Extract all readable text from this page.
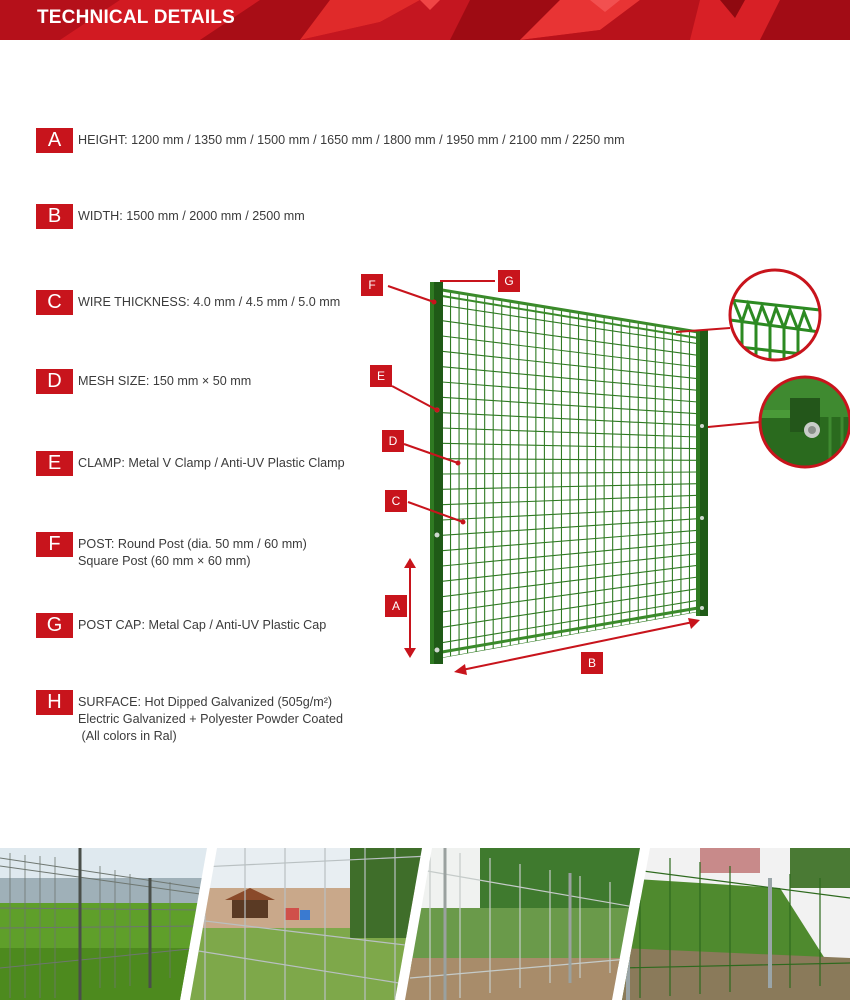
TECHNICAL DETAILS
A	HEIGHT: 1200 mm / 1350 mm / 1500 mm / 1650 mm / 1800 mm / 1950 mm / 2100 mm / 2250 mm
B	WIDTH: 1500 mm / 2000 mm / 2500 mm
C	WIRE THICKNESS: 4.0 mm / 4.5 mm / 5.0 mm
D	MESH SIZE: 150 mm × 50 mm
E	CLAMP: Metal V Clamp / Anti-UV Plastic Clamp
F	POST: Round Post (dia. 50 mm / 60 mm)
Square Post (60 mm × 60 mm)
G	POST CAP: Metal Cap / Anti-UV Plastic Cap
H	SURFACE: Hot Dipped Galvanized (505g/m²)
Electric Galvanized + Polyester Powder Coated
(All colors in Ral)
F	G
E
D
C
A
B
